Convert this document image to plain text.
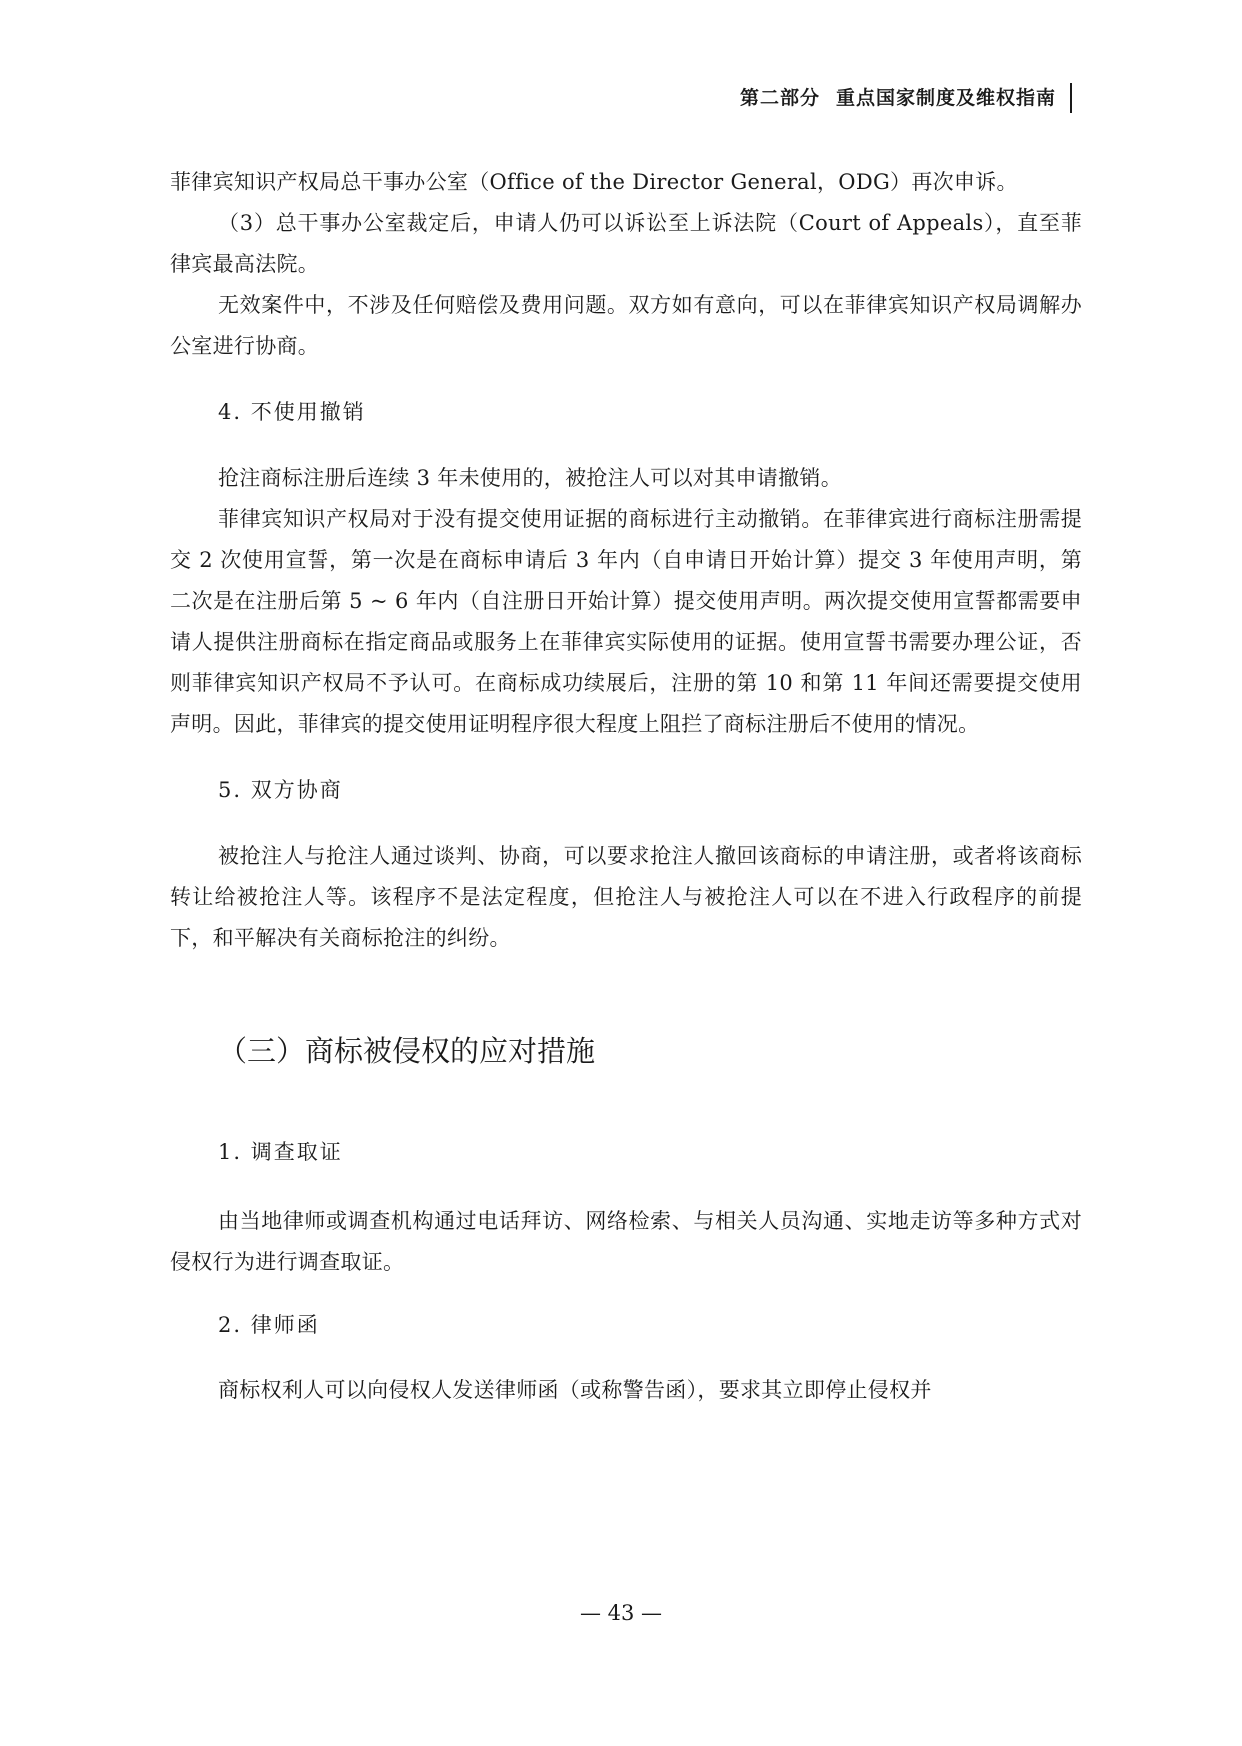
第二部分 重点国家制度及维权指南

菲律宾知识产权局总干事办公室（Office of the Director General，ODG）再次申诉。

（3）总干事办公室裁定后，申请人仍可以诉讼至上诉法院（Court of Appeals），直至菲律宾最高法院。

无效案件中，不涉及任何赔偿及费用问题。双方如有意向，可以在菲律宾知识产权局调解办公室进行协商。

4. 不使用撤销

抢注商标注册后连续 3 年未使用的，被抢注人可以对其申请撤销。

菲律宾知识产权局对于没有提交使用证据的商标进行主动撤销。在菲律宾进行商标注册需提交 2 次使用宣誓，第一次是在商标申请后 3 年内（自申请日开始计算）提交 3 年使用声明，第二次是在注册后第 5 ~ 6 年内（自注册日开始计算）提交使用声明。两次提交使用宣誓都需要申请人提供注册商标在指定商品或服务上在菲律宾实际使用的证据。使用宣誓书需要办理公证，否则菲律宾知识产权局不予认可。在商标成功续展后，注册的第 10 和第 11 年间还需要提交使用声明。因此，菲律宾的提交使用证明程序很大程度上阻拦了商标注册后不使用的情况。

5. 双方协商

被抢注人与抢注人通过谈判、协商，可以要求抢注人撤回该商标的申请注册，或者将该商标转让给被抢注人等。该程序不是法定程度，但抢注人与被抢注人可以在不进入行政程序的前提下，和平解决有关商标抢注的纠纷。

（三）商标被侵权的应对措施
1. 调查取证

由当地律师或调查机构通过电话拜访、网络检索、与相关人员沟通、实地走访等多种方式对侵权行为进行调查取证。

2. 律师函

商标权利人可以向侵权人发送律师函（或称警告函），要求其立即停止侵权并

— 43 —
